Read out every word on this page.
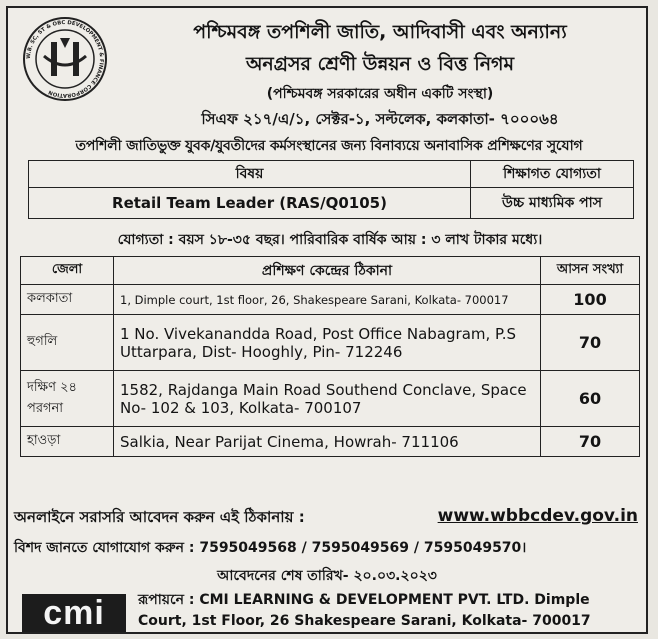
W.B. SC, ST & OBC DEVELOPMENT & FINANCE CORPORATION
পশ্চিমবঙ্গ তপশিলী জাতি, আদিবাসী এবং অন্যান্য
অনগ্রসর শ্রেণী উন্নয়ন ও বিত্ত নিগম
(পশ্চিমবঙ্গ সরকারের অধীন একটি সংস্থা)
সিএফ ২১৭/এ/১, সেক্টর-১, সল্টলেক, কলকাতা- ৭০০০৬৪
তপশিলী জাতিভুক্ত যুবক/যুবতীদের কর্মসংস্থানের জন্য বিনাব্যয়ে অনাবাসিক প্রশিক্ষণের সুযোগ
বিষয়	শিক্ষাগত যোগ্যতা
Retail Team Leader (RAS/Q0105)	উচ্চ মাধ্যমিক পাস
যোগ্যতা : বয়স ১৮-৩৫ বছর। পারিবারিক বার্ষিক আয় : ৩ লাখ টাকার মধ্যে।
জেলা	প্রশিক্ষণ কেন্দ্রের ঠিকানা	আসন সংখ্যা
কলকাতা	1, Dimple court, 1st floor, 26, Shakespeare Sarani, Kolkata- 700017	100
হুগলি	1 No. Vivekanandda Road, Post Office Nabagram, P.S Uttarpara, Dist- Hooghly, Pin- 712246	70
দক্ষিণ ২৪ পরগনা	1582, Rajdanga Main Road Southend Conclave, Space No- 102 & 103, Kolkata- 700107	60
হাওড়া	Salkia, Near Parijat Cinema, Howrah- 711106	70
অনলাইনে সরাসরি আবেদন করুন এই ঠিকানায় :	www.wbbcdev.gov.in
বিশদ জানতে যোগাযোগ করুন : 7595049568 / 7595049569 / 7595049570।
আবেদনের শেষ তারিখ- ২০.০৩.২০২৩
cmi	রূপায়নে : CMI LEARNING & DEVELOPMENT PVT. LTD. Dimple Court, 1st Floor, 26 Shakespeare Sarani, Kolkata- 700017
